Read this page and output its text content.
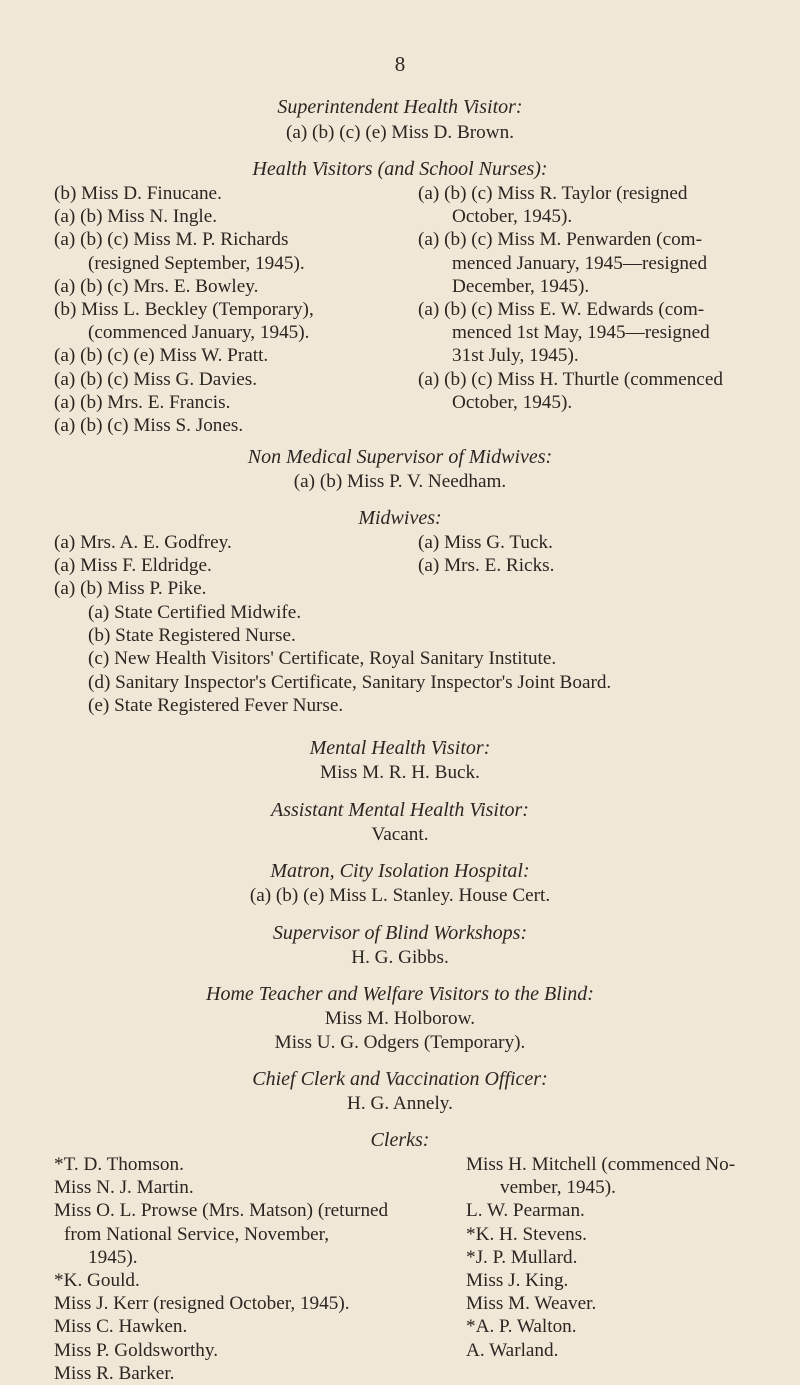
8
Superintendent Health Visitor:
(a) (b) (c) (e) Miss D. Brown.
Health Visitors (and School Nurses):
(b) Miss D. Finucane.
(a) (b) Miss N. Ingle.
(a) (b) (c) Miss M. P. Richards
(resigned September, 1945).
(a) (b) (c) Mrs. E. Bowley.
(b) Miss L. Beckley (Temporary),
(commenced January, 1945).
(a) (b) (c) (e) Miss W. Pratt.
(a) (b) (c) Miss G. Davies.
(a) (b) Mrs. E. Francis.
(a) (b) (c) Miss S. Jones.
(a) (b) (c) Miss R. Taylor (resigned
October, 1945).
(a) (b) (c) Miss M. Penwarden (com-
menced January, 1945—resigned
December, 1945).
(a) (b) (c) Miss E. W. Edwards (com-
menced 1st May, 1945—resigned
31st July, 1945).
(a) (b) (c) Miss H. Thurtle (commenced
October, 1945).
Non Medical Supervisor of Midwives:
(a) (b) Miss P. V. Needham.
Midwives:
(a) Mrs. A. E. Godfrey.
(a) Miss F. Eldridge.
(a) (b) Miss P. Pike.
(a) Miss G. Tuck.
(a) Mrs. E. Ricks.
(a) State Certified Midwife.
(b) State Registered Nurse.
(c) New Health Visitors' Certificate, Royal Sanitary Institute.
(d) Sanitary Inspector's Certificate, Sanitary Inspector's Joint Board.
(e) State Registered Fever Nurse.
Mental Health Visitor:
Miss M. R. H. Buck.
Assistant Mental Health Visitor:
Vacant.
Matron, City Isolation Hospital:
(a) (b) (e) Miss L. Stanley. House Cert.
Supervisor of Blind Workshops:
H. G. Gibbs.
Home Teacher and Welfare Visitors to the Blind:
Miss M. Holborow.
Miss U. G. Odgers (Temporary).
Chief Clerk and Vaccination Officer:
H. G. Annely.
Clerks:
*T. D. Thomson.
Miss N. J. Martin.
Miss O. L. Prowse (Mrs. Matson) (returned
from National Service, November,
1945).
*K. Gould.
Miss J. Kerr (resigned October, 1945).
Miss C. Hawken.
Miss P. Goldsworthy.
Miss R. Barker.
Miss H. Mitchell (commenced No-
vember, 1945).
L. W. Pearman.
*K. H. Stevens.
*J. P. Mullard.
Miss J. King.
Miss M. Weaver.
*A. P. Walton.
A. Warland.
